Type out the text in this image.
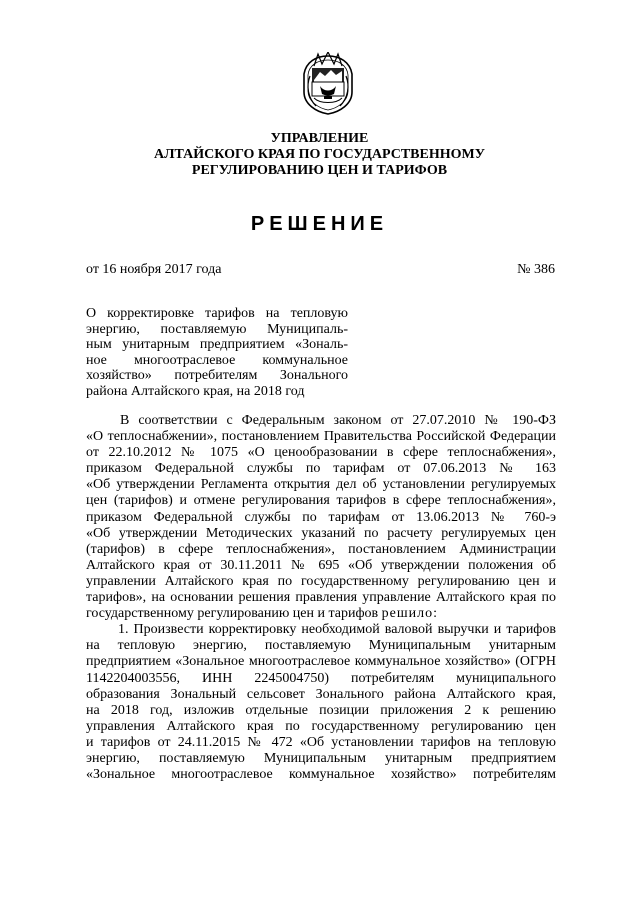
УПРАВЛЕНИЕ
АЛТАЙСКОГО КРАЯ ПО ГОСУДАРСТВЕННОМУ
РЕГУЛИРОВАНИЮ ЦЕН И ТАРИФОВ
РЕШЕНИЕ
от 16 ноября 2017 года	№ 386
О корректировке тарифов на тепловую
энергию, поставляемую Муниципаль-
ным унитарным предприятием «Зональ-
ное многоотраслевое коммунальное
хозяйство» потребителям Зонального
района Алтайского края, на 2018 год
В соответствии с Федеральным законом от 27.07.2010 № 190-ФЗ
«О теплоснабжении», постановлением Правительства Российской Федерации
от 22.10.2012 № 1075 «О ценообразовании в сфере теплоснабжения»,
приказом Федеральной службы по тарифам от 07.06.2013 № 163
«Об утверждении Регламента открытия дел об установлении регулируемых
цен (тарифов) и отмене регулирования тарифов в сфере теплоснабжения»,
приказом Федеральной службы по тарифам от 13.06.2013 № 760-э
«Об утверждении Методических указаний по расчету регулируемых цен
(тарифов) в сфере теплоснабжения», постановлением Администрации
Алтайского края от 30.11.2011 № 695 «Об утверждении положения об
управлении Алтайского края по государственному регулированию цен и
тарифов», на основании решения правления управление Алтайского края по
государственному регулированию цен и тарифов решило:
1. Произвести корректировку необходимой валовой выручки и тарифов
на тепловую энергию, поставляемую Муниципальным унитарным
предприятием «Зональное многоотраслевое коммунальное хозяйство» (ОГРН
1142204003556, ИНН 2245004750) потребителям муниципального
образования Зональный сельсовет Зонального района Алтайского края,
на 2018 год, изложив отдельные позиции приложения 2 к решению
управления Алтайского края по государственному регулированию цен
и тарифов от 24.11.2015 № 472 «Об установлении тарифов на тепловую
энергию, поставляемую Муниципальным унитарным предприятием
«Зональное многоотраслевое коммунальное хозяйство» потребителям
